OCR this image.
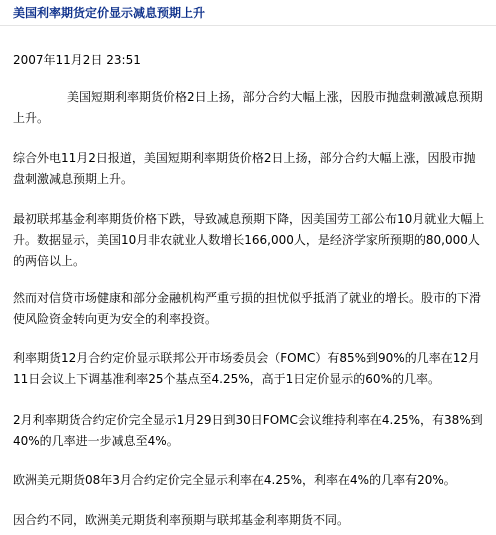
美国利率期货定价显示减息预期上升
2007年11月2日 23:51

美国短期利率期货价格2日上扬，部分合约大幅上涨，因股市抛盘刺激减息预期上升。

综合外电11月2日报道，美国短期利率期货价格2日上扬，部分合约大幅上涨，因股市抛盘刺激减息预期上升。

最初联邦基金利率期货价格下跌，导致减息预期下降，因美国劳工部公布10月就业大幅上升。数据显示，美国10月非农就业人数增长166,000人，是经济学家所预期的80,000人的两倍以上。

然而对信贷市场健康和部分金融机构严重亏损的担忧似乎抵消了就业的增长。股市的下滑使风险资金转向更为安全的利率投资。

利率期货12月合约定价显示联邦公开市场委员会（FOMC）有85%到90%的几率在12月11日会议上下调基准利率25个基点至4.25%，高于1日定价显示的60%的几率。

2月利率期货合约定价完全显示1月29日到30日FOMC会议维持利率在4.25%，有38%到40%的几率进一步减息至4%。

欧洲美元期货08年3月合约定价完全显示利率在4.25%，利率在4%的几率有20%。

因合约不同，欧洲美元期货利率预期与联邦基金利率期货不同。
